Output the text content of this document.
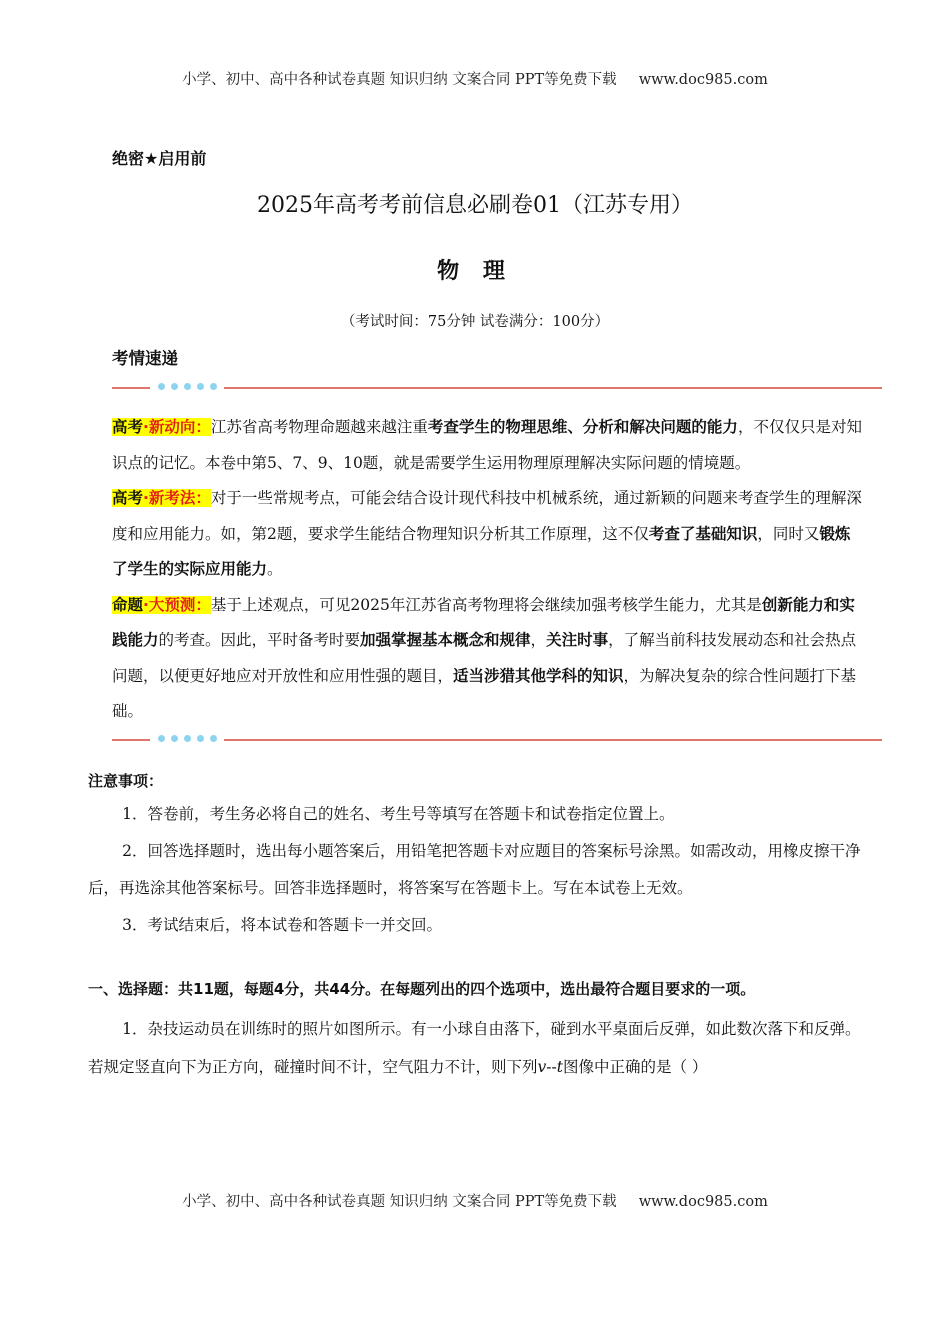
小学、初中、高中各种试卷真题 知识归纳 文案合同 PPT等免费下载 www.doc985.com
绝密★启用前
2025年高考考前信息必刷卷01（江苏专用）
物 理
（考试时间：75分钟 试卷满分：100分）
考情速递

高考·新动向：江苏省高考物理命题越来越注重考查学生的物理思维、分析和解决问题的能力，不仅仅只是对知识点的记忆。本卷中第5、7、9、10题，就是需要学生运用物理原理解决实际问题的情境题。

高考·新考法：对于一些常规考点，可能会结合设计现代科技中机械系统，通过新颖的问题来考查学生的理解深度和应用能力。如，第2题，要求学生能结合物理知识分析其工作原理，这不仅考查了基础知识，同时又锻炼了学生的实际应用能力。

命题·大预测：基于上述观点，可见2025年江苏省高考物理将会继续加强考核学生能力，尤其是创新能力和实践能力的考查。因此，平时备考时要加强掌握基本概念和规律，关注时事，了解当前科技发展动态和社会热点问题，以便更好地应对开放性和应用性强的题目，适当涉猎其他学科的知识，为解决复杂的综合性问题打下基础。

注意事项：

1．答卷前，考生务必将自己的姓名、考生号等填写在答题卡和试卷指定位置上。

2．回答选择题时，选出每小题答案后，用铅笔把答题卡对应题目的答案标号涂黑。如需改动，用橡皮擦干净后，再选涂其他答案标号。回答非选择题时，将答案写在答题卡上。写在本试卷上无效。

3．考试结束后，将本试卷和答题卡一并交回。

一、选择题：共11题，每题4分，共44分。在每题列出的四个选项中，选出最符合题目要求的一项。
1．杂技运动员在训练时的照片如图所示。有一小球自由落下，碰到水平桌面后反弹，如此数次落下和反弹。若规定竖直向下为正方向，碰撞时间不计，空气阻力不计，则下列v--t图像中正确的是（ ）
小学、初中、高中各种试卷真题 知识归纳 文案合同 PPT等免费下载 www.doc985.com
